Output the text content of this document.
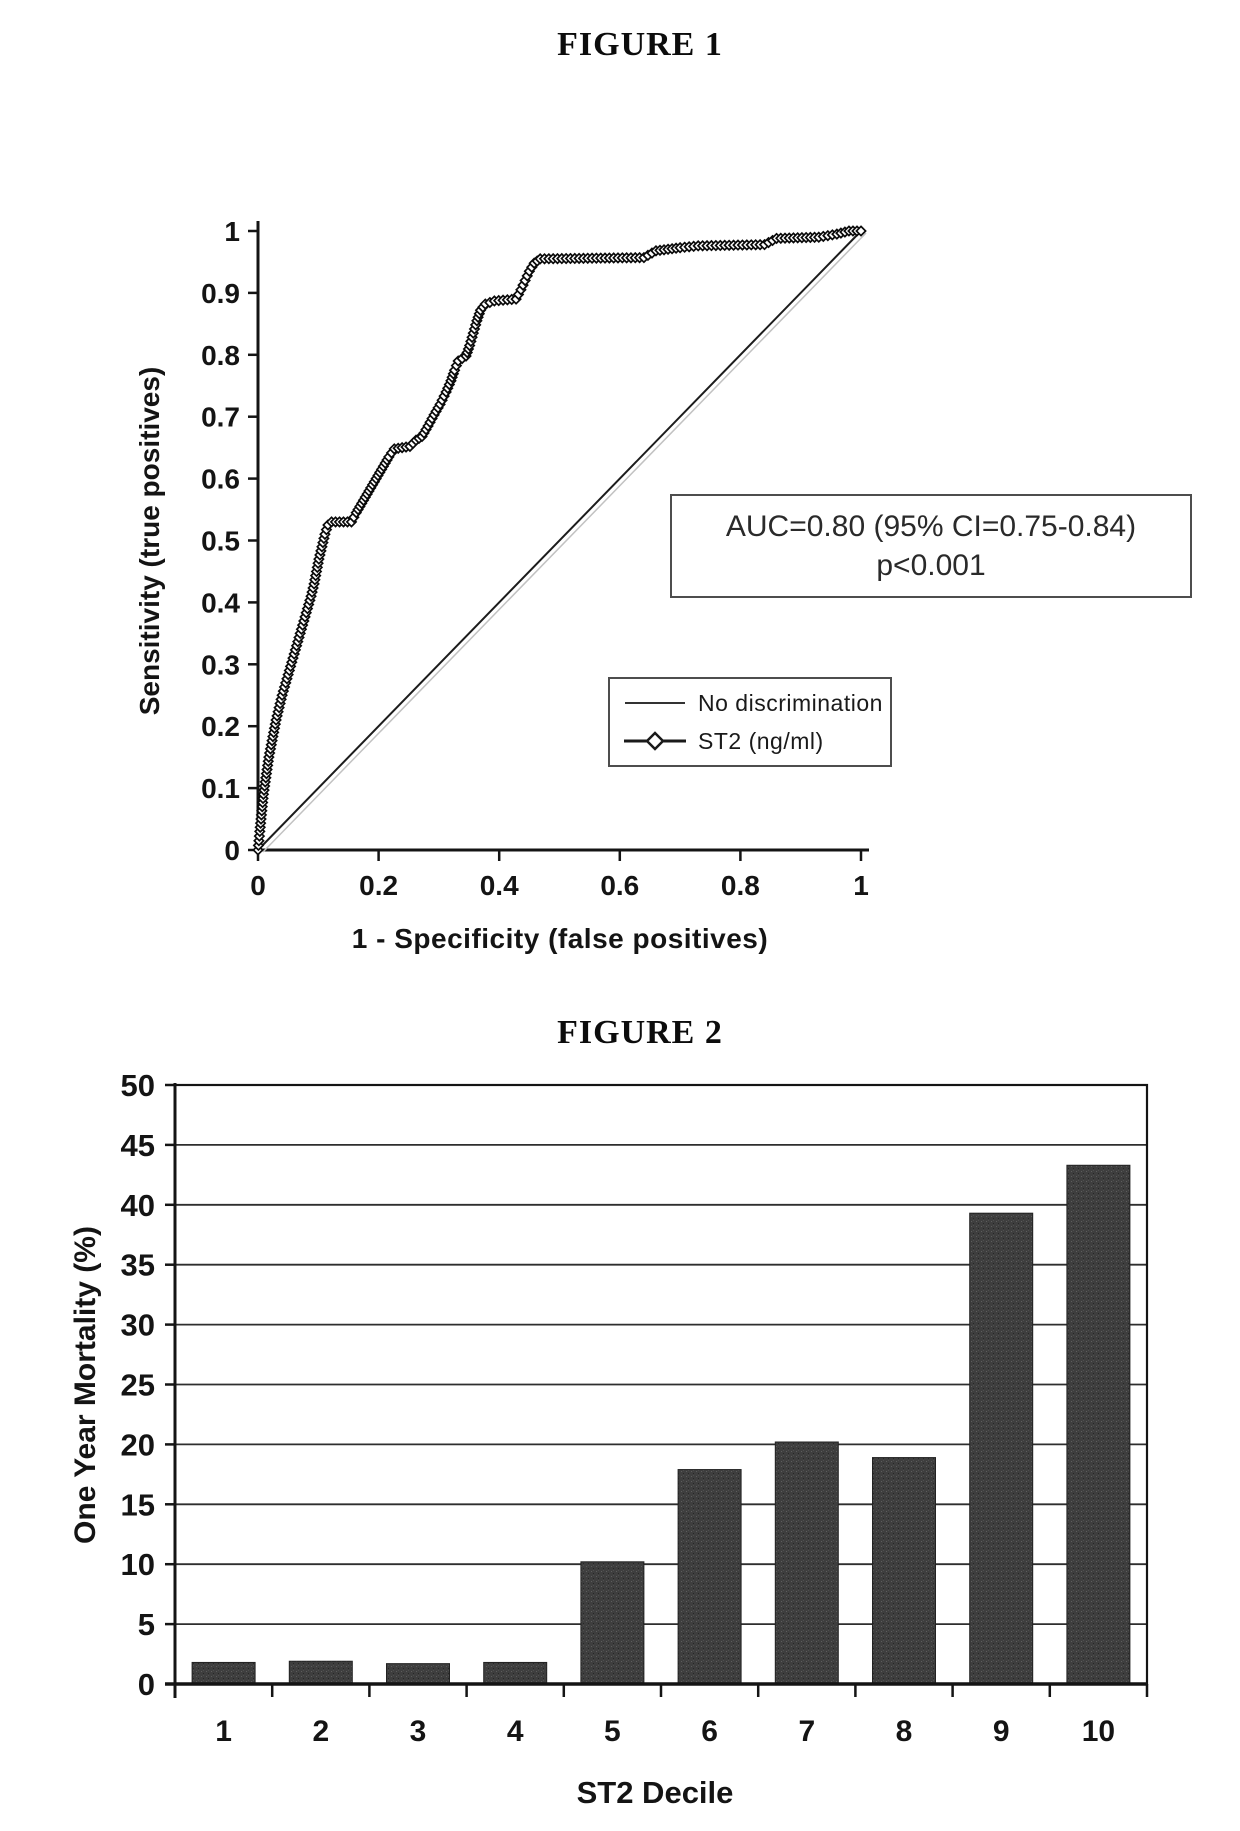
0
0.1
0.2
0.3
0.4
0.5
0.6
0.7
0.8
0.9
1
0	0.2	0.4	0.6	0.8	1
0
5
10
15
20
25
30
35
40
45
50
1	2	3	4	5	6	7	8	9 10
FIGURE 1
Sensitivity (true positives)
1 - Specificity (false positives)
AUC=0.80 (95% CI=0.75-0.84)
p<0.001
No discrimination
ST2 (ng/ml)
FIGURE 2
One Year Mortality (%)
ST2 Decile
